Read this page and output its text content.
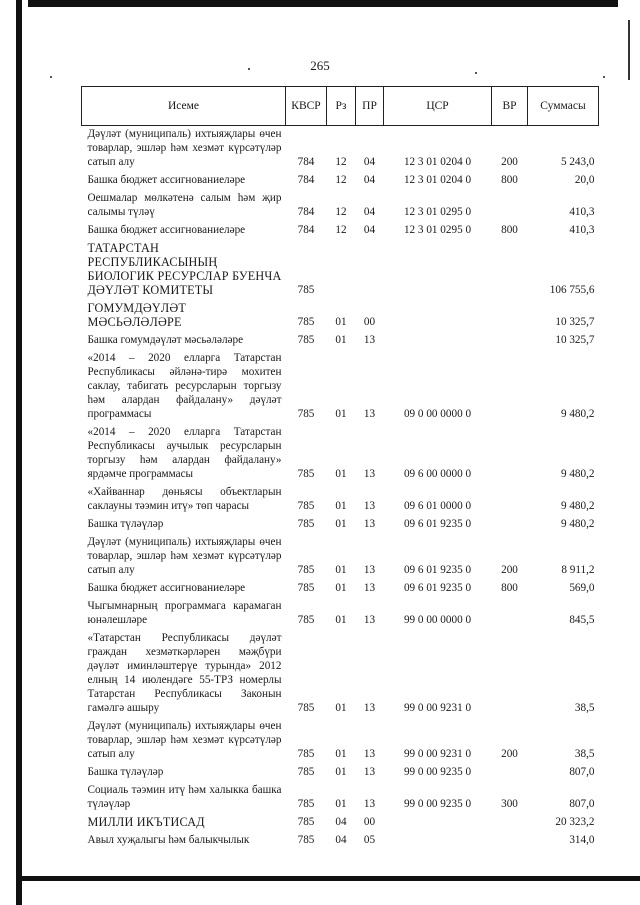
265
Исеме	КВСР	Рз	ПР	ЦСР	ВР	Суммасы
Дәүләт (муниципаль) ихтыяҗлары өчен товарлар, эшләр һәм хезмәт күрсәтүләр сатып алу	784	12	04	12 3 01 0204 0	200	5 243,0
Башка бюджет ассигнованиеләре	784	12	04	12 3 01 0204 0	800	20,0
Оешмалар мөлкәтенә салым һәм җир салымы түләү	784	12	04	12 3 01 0295 0		410,3
Башка бюджет ассигнованиеләре	784	12	04	12 3 01 0295 0	800	410,3
ТАТАРСТАН РЕСПУБЛИКАСЫНЫҢ БИОЛОГИК РЕСУРСЛАР БУЕНЧА ДӘҮЛӘТ КОМИТЕТЫ	785					106 755,6
ГОМУМДӘҮЛӘТ МӘСЬӘЛӘЛӘРЕ	785	01	00			10 325,7
Башка гомумдәүләт мәсьәләләре	785	01	13			10 325,7
«2014 – 2020 елларга Татарстан Республикасы әйләнә-тирә мохитен саклау, табигать ресурсларын торгызу һәм алардан файдалану» дәүләт программасы	785	01	13	09 0 00 0000 0		9 480,2
«2014 – 2020 елларга Татарстан Республикасы аучылык ресурсларын торгызу һәм алардан файдалану» ярдәмче программасы	785	01	13	09 6 00 0000 0		9 480,2
«Хайваннар дөньясы объектларын саклауны тәэмин итү» төп чарасы	785	01	13	09 6 01 0000 0		9 480,2
Башка түләүләр	785	01	13	09 6 01 9235 0		9 480,2
Дәүләт (муниципаль) ихтыяҗлары өчен товарлар, эшләр һәм хезмәт күрсәтүләр сатып алу	785	01	13	09 6 01 9235 0	200	8 911,2
Башка бюджет ассигнованиеләре	785	01	13	09 6 01 9235 0	800	569,0
Чыгымнарның программага карамаган юнәлешләре	785	01	13	99 0 00 0000 0		845,5
«Татарстан Республикасы дәүләт граждан хезмәткәрләрен мәҗбүри дәүләт иминләштерүе турында» 2012 елның 14 июлендәге 55-ТРЗ номерлы Татарстан Республикасы Законын гамәлгә ашыру	785	01	13	99 0 00 9231 0		38,5
Дәүләт (муниципаль) ихтыяҗлары өчен товарлар, эшләр һәм хезмәт күрсәтүләр сатып алу	785	01	13	99 0 00 9231 0	200	38,5
Башка түләүләр	785	01	13	99 0 00 9235 0		807,0
Социаль тәэмин итү һәм халыкка башка түләүләр	785	01	13	99 0 00 9235 0	300	807,0
МИЛЛИ ИКЪТИСАД	785	04	00			20 323,2
Авыл хуҗалыгы һәм балыкчылык	785	04	05			314,0
